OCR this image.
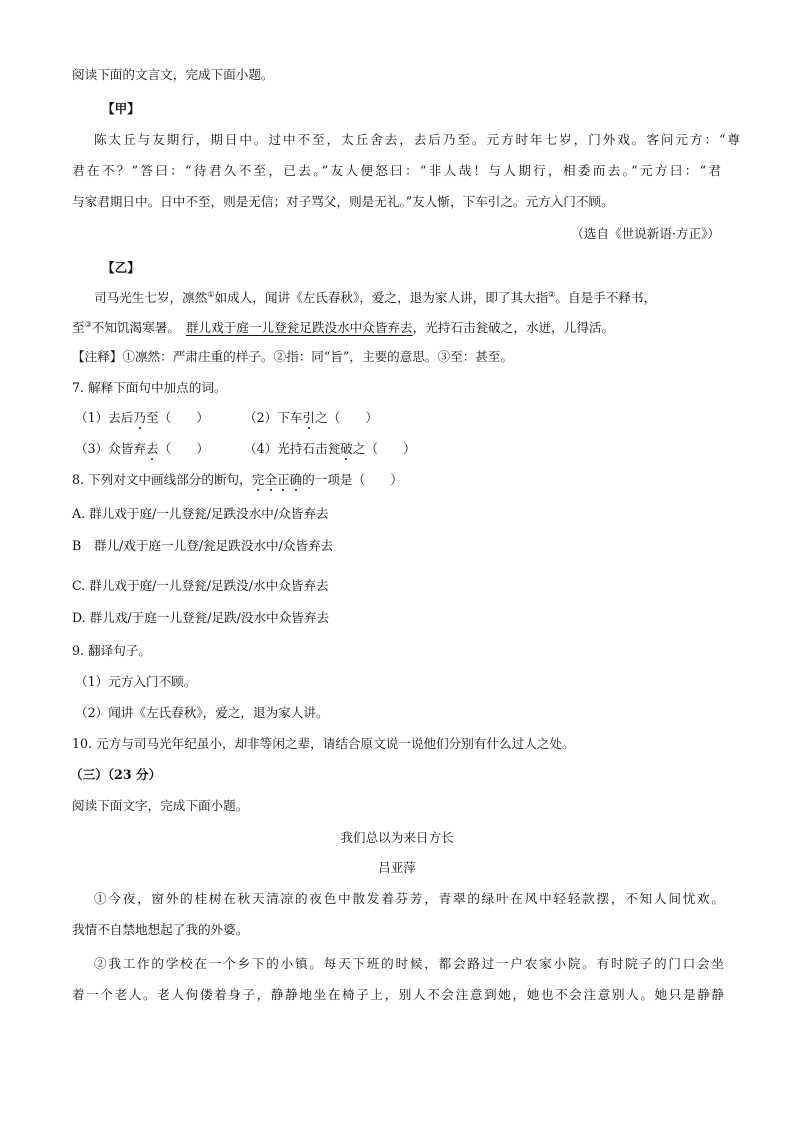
阅读下面的文言文，完成下面小题。
【甲】
陈太丘与友期行，期日中。过中不至，太丘舍去，去后乃至。元方时年七岁，门外戏。客问元方：“尊
君在不？”答曰：“待君久不至，已去。”友人便怒曰：“非人哉！与人期行，相委而去。”元方曰：“君
与家君期日中。日中不至，则是无信；对子骂父，则是无礼。”友人惭，下车引之。元方入门不顾。
（选自《世说新语·方正》）
【乙】
司马光生七岁，凛然①如成人，闻讲《左氏春秋》，爱之，退为家人讲，即了其大指②。自是手不释书，
至③不知饥渴寒暑。 群儿戏于庭一儿登瓮足跌没水中众皆弃去，光持石击瓮破之，水迸，儿得活。
【注释】①凛然：严肃庄重的样子。②指：同“旨”，主要的意思。③至：甚至。
7. 解释下面句中加点的词。
（1）去后乃至（　　）	（2）下车引之（　　）
（3）众皆弃去（　　）	（4）光持石击瓮破之（　　）
8. 下列对文中画线部分的断句，完全正确的一项是（　　）
A. 群儿戏于庭/一儿登瓮/足跌没水中/众皆弃去
B　群儿/戏于庭一儿登/瓮足跌没水中/众皆弃去
C. 群儿戏于庭/一儿登瓮/足跌没/水中众皆弃去
D. 群儿戏/于庭一儿登瓮/足跌/没水中众皆弃去
9. 翻译句子。
（1）元方入门不顾。
（2）闻讲《左氏春秋》，爱之，退为家人讲。
10. 元方与司马光年纪虽小，却非等闲之辈，请结合原文说一说他们分别有什么过人之处。
（三）（23 分）
阅读下面文字，完成下面小题。
我们总以为来日方长
吕亚萍
①今夜，窗外的桂树在秋天清凉的夜色中散发着芬芳，青翠的绿叶在风中轻轻款摆，不知人间忧欢。
我情不自禁地想起了我的外婆。
②我工作的学校在一个乡下的小镇。每天下班的时候，都会路过一户农家小院。有时院子的门口会坐
着一个老人。老人佝偻着身子，静静地坐在椅子上，别人不会注意到她，她也不会注意别人。她只是静静
